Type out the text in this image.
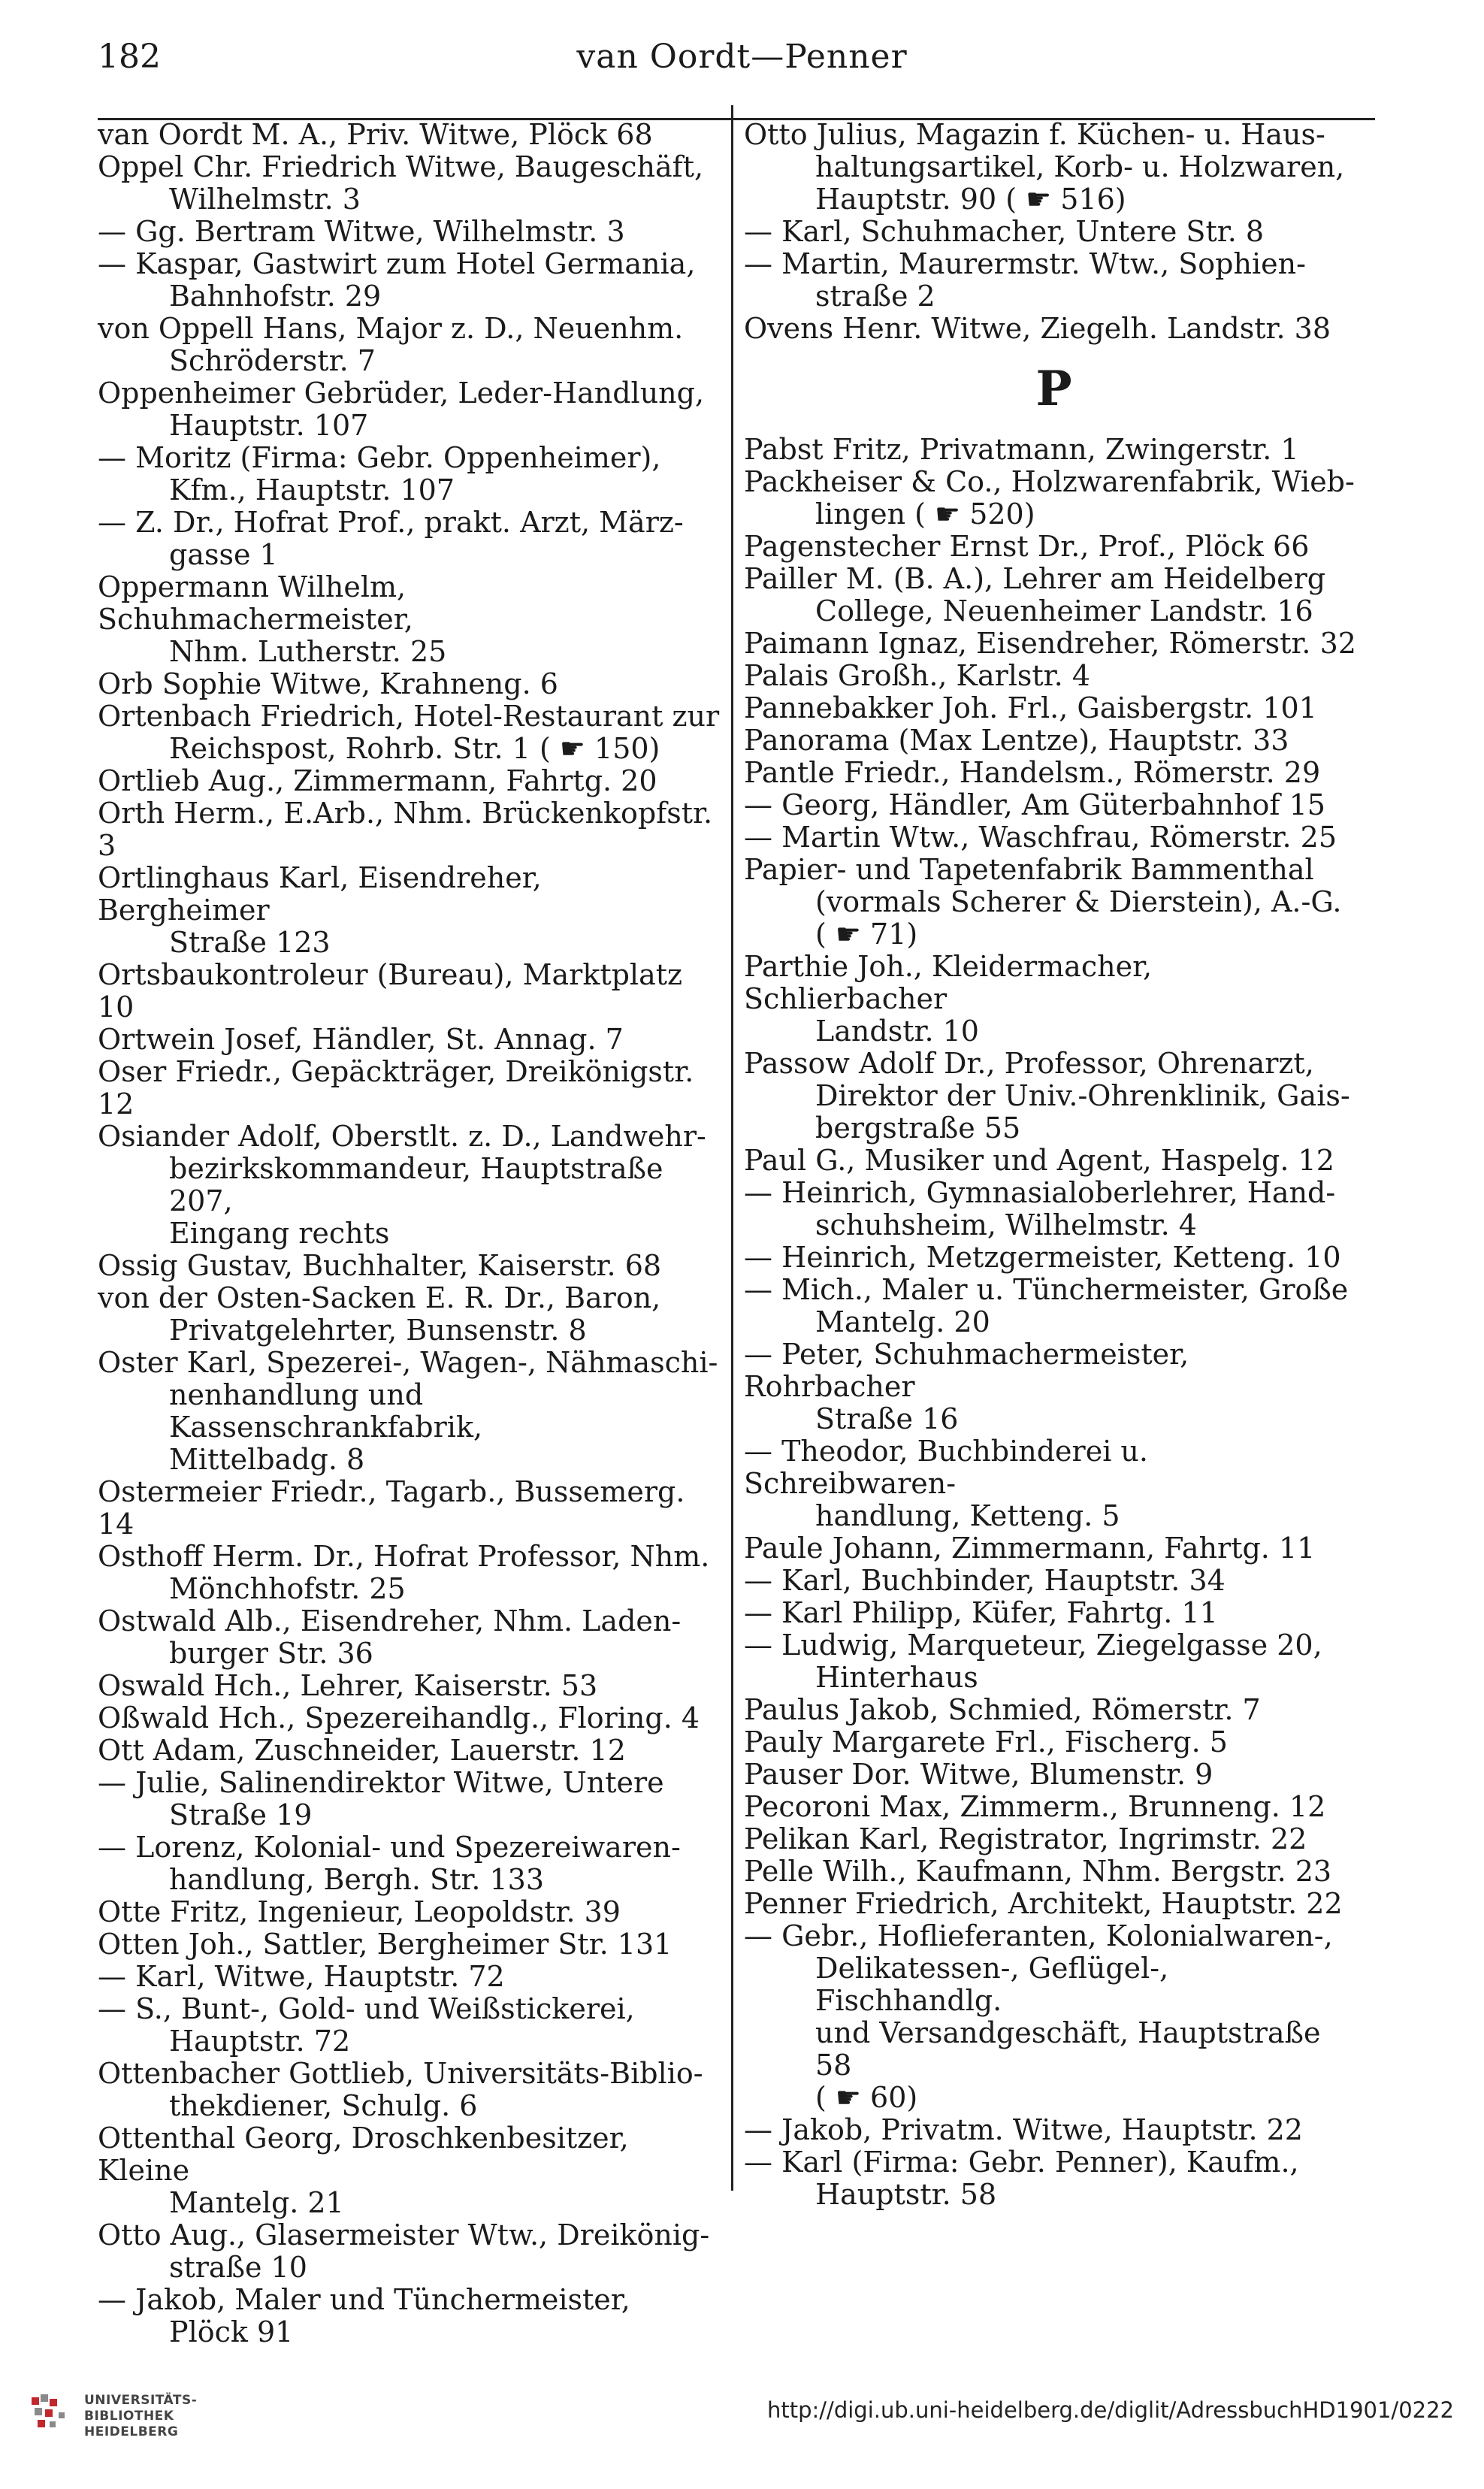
182	van Oordt—Penner

van Oordt M. A., Priv. Witwe, Plöck 68

Oppel Chr. Friedrich Witwe, Baugeschäft,
Wilhelmstr. 3

— Gg. Bertram Witwe, Wilhelmstr. 3

— Kaspar, Gastwirt zum Hotel Germania,
Bahnhofstr. 29

von Oppell Hans, Major z. D., Neuenhm.
Schröderstr. 7

Oppenheimer Gebrüder, Leder-Handlung,
Hauptstr. 107

— Moritz (Firma: Gebr. Oppenheimer),
Kfm., Hauptstr. 107

— Z. Dr., Hofrat Prof., prakt. Arzt, März-
gasse 1

Oppermann Wilhelm, Schuhmachermeister,
Nhm. Lutherstr. 25

Orb Sophie Witwe, Krahneng. 6

Ortenbach Friedrich, Hotel-Restaurant zur
Reichspost, Rohrb. Str. 1 ( ☛ 150)

Ortlieb Aug., Zimmermann, Fahrtg. 20

Orth Herm., E.Arb., Nhm. Brückenkopfstr. 3

Ortlinghaus Karl, Eisendreher, Bergheimer
Straße 123

Ortsbaukontroleur (Bureau), Marktplatz 10

Ortwein Josef, Händler, St. Annag. 7

Oser Friedr., Gepäckträger, Dreikönigstr. 12

Osiander Adolf, Oberstlt. z. D., Landwehr-
bezirkskommandeur, Hauptstraße 207,
Eingang rechts

Ossig Gustav, Buchhalter, Kaiserstr. 68

von der Osten-Sacken E. R. Dr., Baron,
Privatgelehrter, Bunsenstr. 8

Oster Karl, Spezerei-, Wagen-, Nähmaschi-
nenhandlung und Kassenschrankfabrik,
Mittelbadg. 8

Ostermeier Friedr., Tagarb., Bussemerg. 14

Osthoff Herm. Dr., Hofrat Professor, Nhm.
Mönchhofstr. 25

Ostwald Alb., Eisendreher, Nhm. Laden-
burger Str. 36

Oswald Hch., Lehrer, Kaiserstr. 53

Oßwald Hch., Spezereihandlg., Floring. 4

Ott Adam, Zuschneider, Lauerstr. 12

— Julie, Salinendirektor Witwe, Untere
Straße 19

— Lorenz, Kolonial- und Spezereiwaren-
handlung, Bergh. Str. 133

Otte Fritz, Ingenieur, Leopoldstr. 39

Otten Joh., Sattler, Bergheimer Str. 131

— Karl, Witwe, Hauptstr. 72

— S., Bunt-, Gold- und Weißstickerei,
Hauptstr. 72

Ottenbacher Gottlieb, Universitäts-Biblio-
thekdiener, Schulg. 6

Ottenthal Georg, Droschkenbesitzer, Kleine
Mantelg. 21

Otto Aug., Glasermeister Wtw., Dreikönig-
straße 10

— Jakob, Maler und Tünchermeister,
Plöck 91

Otto Julius, Magazin f. Küchen- u. Haus-
haltungsartikel, Korb- u. Holzwaren,
Hauptstr. 90 ( ☛ 516)

— Karl, Schuhmacher, Untere Str. 8

— Martin, Maurermstr. Wtw., Sophien-
straße 2

Ovens Henr. Witwe, Ziegelh. Landstr. 38

P

Pabst Fritz, Privatmann, Zwingerstr. 1

Packheiser & Co., Holzwarenfabrik, Wieb-
lingen ( ☛ 520)

Pagenstecher Ernst Dr., Prof., Plöck 66

Pailler M. (B. A.), Lehrer am Heidelberg
College, Neuenheimer Landstr. 16

Paimann Ignaz, Eisendreher, Römerstr. 32

Palais Großh., Karlstr. 4

Pannebakker Joh. Frl., Gaisbergstr. 101

Panorama (Max Lentze), Hauptstr. 33

Pantle Friedr., Handelsm., Römerstr. 29

— Georg, Händler, Am Güterbahnhof 15

— Martin Wtw., Waschfrau, Römerstr. 25

Papier- und Tapetenfabrik Bammenthal
(vormals Scherer & Dierstein), A.-G.
( ☛ 71)

Parthie Joh., Kleidermacher, Schlierbacher
Landstr. 10

Passow Adolf Dr., Professor, Ohrenarzt,
Direktor der Univ.-Ohrenklinik, Gais-
bergstraße 55

Paul G., Musiker und Agent, Haspelg. 12

— Heinrich, Gymnasialoberlehrer, Hand-
schuhsheim, Wilhelmstr. 4

— Heinrich, Metzgermeister, Ketteng. 10

— Mich., Maler u. Tünchermeister, Große
Mantelg. 20

— Peter, Schuhmachermeister, Rohrbacher
Straße 16

— Theodor, Buchbinderei u. Schreibwaren-
handlung, Ketteng. 5

Paule Johann, Zimmermann, Fahrtg. 11

— Karl, Buchbinder, Hauptstr. 34

— Karl Philipp, Küfer, Fahrtg. 11

— Ludwig, Marqueteur, Ziegelgasse 20,
Hinterhaus

Paulus Jakob, Schmied, Römerstr. 7

Pauly Margarete Frl., Fischerg. 5

Pauser Dor. Witwe, Blumenstr. 9

Pecoroni Max, Zimmerm., Brunneng. 12

Pelikan Karl, Registrator, Ingrimstr. 22

Pelle Wilh., Kaufmann, Nhm. Bergstr. 23

Penner Friedrich, Architekt, Hauptstr. 22

— Gebr., Hoflieferanten, Kolonialwaren-,
Delikatessen-, Geflügel-, Fischhandlg.
und Versandgeschäft, Hauptstraße 58
( ☛ 60)

— Jakob, Privatm. Witwe, Hauptstr. 22

— Karl (Firma: Gebr. Penner), Kaufm.,
Hauptstr. 58

UNIVERSITÄTS-
BIBLIOTHEK
HEIDELBERG
http://digi.ub.uni-heidelberg.de/diglit/AdressbuchHD1901/0222
